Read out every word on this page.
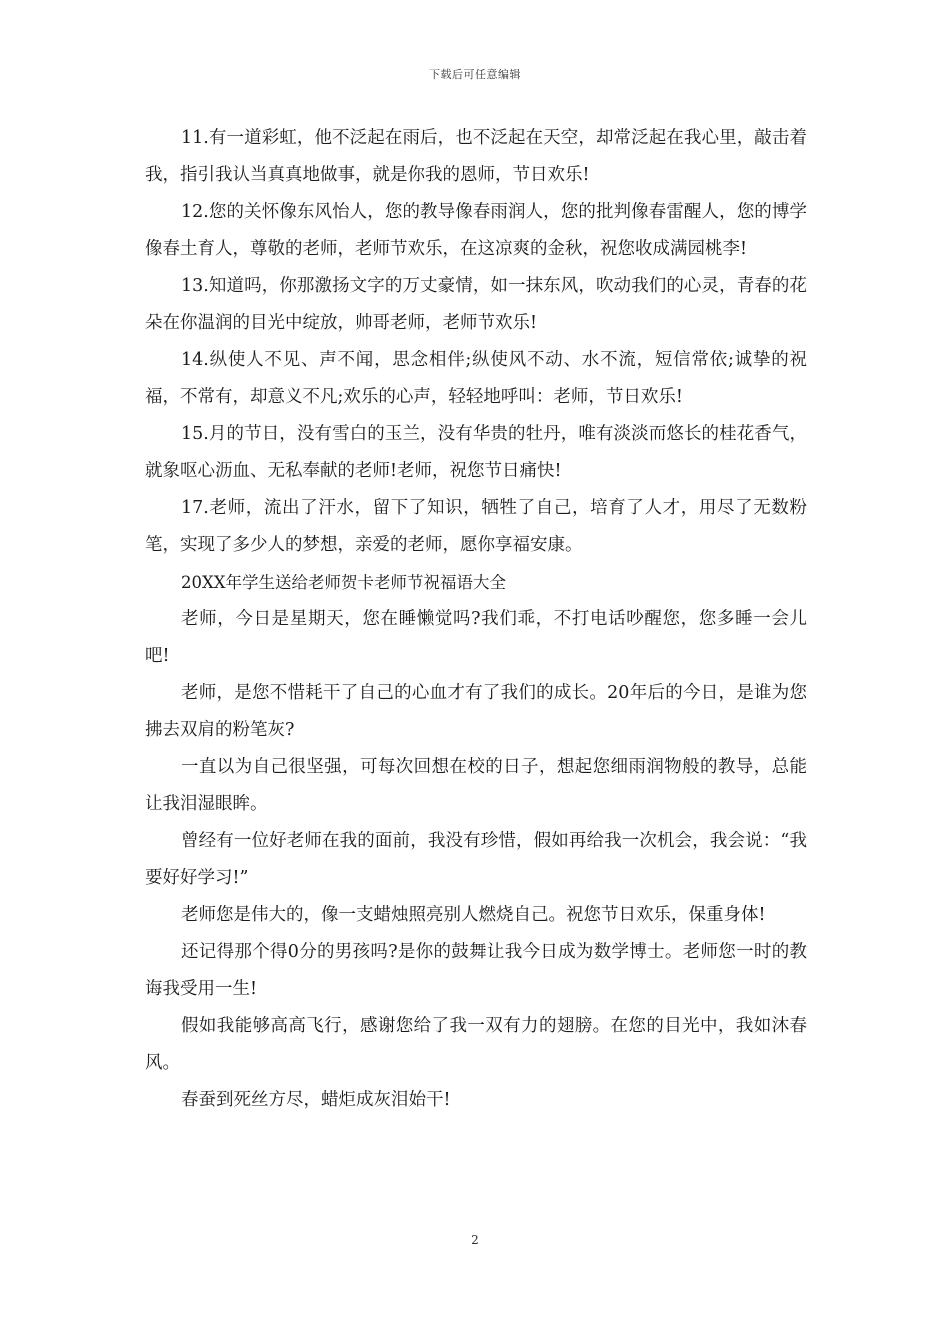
下载后可任意编辑

11.有一道彩虹，他不泛起在雨后，也不泛起在天空，却常泛起在我心里，敲击着我，指引我认当真真地做事，就是你我的恩师，节日欢乐!

12.您的关怀像东风怡人，您的教导像春雨润人，您的批判像春雷醒人，您的博学像春土育人，尊敬的老师，老师节欢乐，在这凉爽的金秋，祝您收成满园桃李!

13.知道吗，你那激扬文字的万丈豪情，如一抹东风，吹动我们的心灵，青春的花朵在你温润的目光中绽放，帅哥老师，老师节欢乐!

14.纵使人不见、声不闻，思念相伴;纵使风不动、水不流，短信常依;诚挚的祝福，不常有，却意义不凡;欢乐的心声，轻轻地呼叫：老师，节日欢乐!

15.月的节日，没有雪白的玉兰，没有华贵的牡丹，唯有淡淡而悠长的桂花香气，就象呕心沥血、无私奉献的老师!老师，祝您节日痛快!

17.老师，流出了汗水，留下了知识，牺牲了自己，培育了人才，用尽了无数粉笔，实现了多少人的梦想，亲爱的老师，愿你享福安康。

20XX年学生送给老师贺卡老师节祝福语大全

老师，今日是星期天，您在睡懒觉吗?我们乖，不打电话吵醒您，您多睡一会儿吧!

老师，是您不惜耗干了自己的心血才有了我们的成长。20年后的今日，是谁为您拂去双肩的粉笔灰?

一直以为自己很坚强，可每次回想在校的日子，想起您细雨润物般的教导，总能让我泪湿眼眸。

曾经有一位好老师在我的面前，我没有珍惜，假如再给我一次机会，我会说：“我要好好学习!”

老师您是伟大的，像一支蜡烛照亮别人燃烧自己。祝您节日欢乐，保重身体!

还记得那个得0分的男孩吗?是你的鼓舞让我今日成为数学博士。老师您一时的教诲我受用一生!

假如我能够高高飞行，感谢您给了我一双有力的翅膀。在您的目光中，我如沐春风。

春蚕到死丝方尽，蜡炬成灰泪始干!

2
